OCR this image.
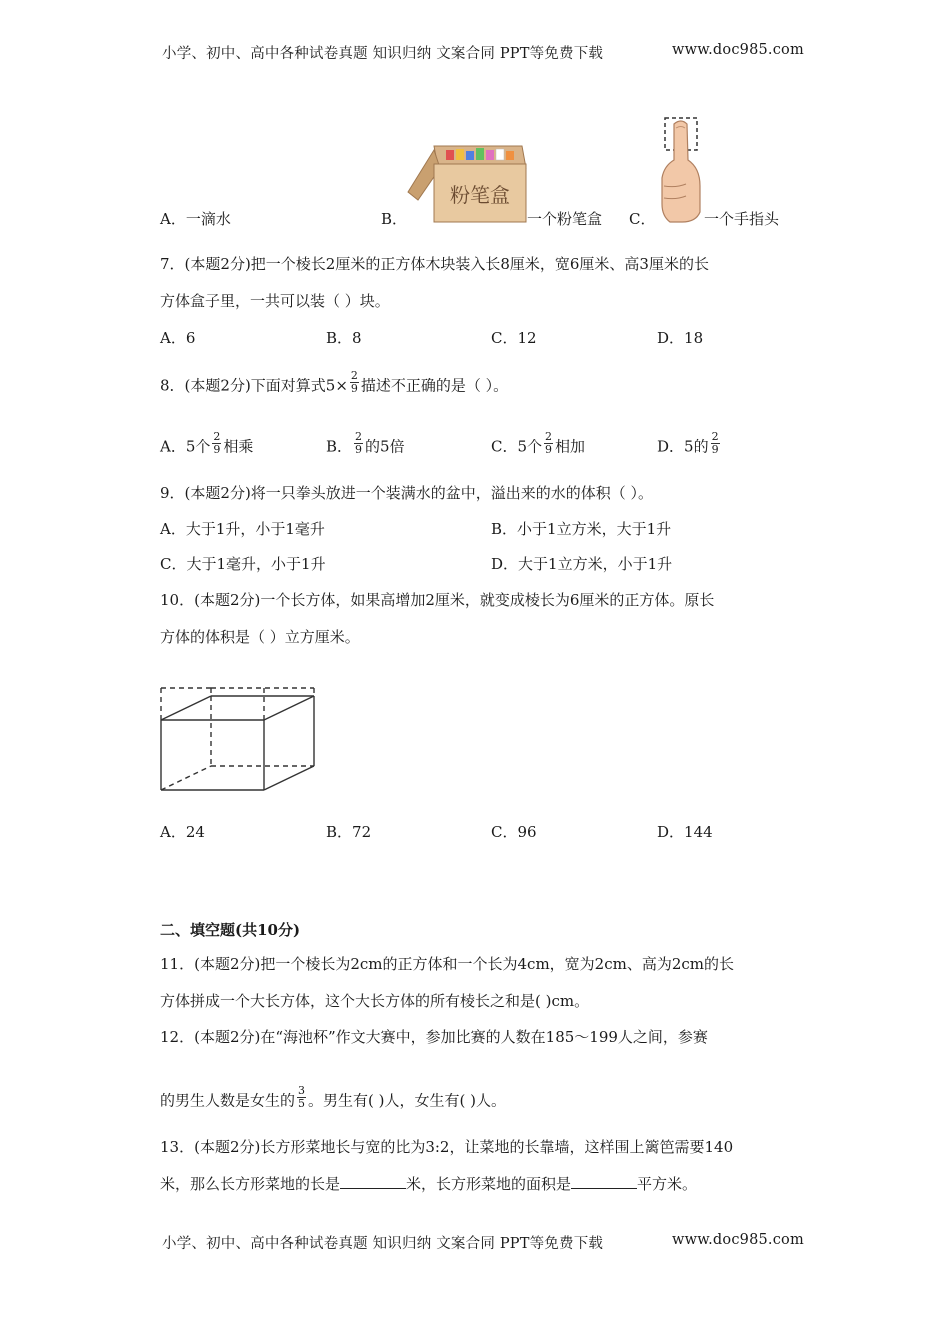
小学、初中、高中各种试卷真题 知识归纳 文案合同 PPT等免费下载	www.doc985.com
A．一滴水	B．
粉笔盒
一个粉笔盒 C．	一个手指头
7．(本题2分)把一个棱长2厘米的正方体木块装入长8厘米，宽6厘米、高3厘米的长
方体盒子里，一共可以装（ ）块。
A．6	B．8	C．12	D．18
8．(本题2分)下面对算式$5\times \frac{2}{9}$ 描述不正确的是（ ）。
A．5个 $\frac{2}{9}$ 相乘	B． $\frac{2}{9}$ 的5倍	C．5个 $\frac{2}{9}$ 相加	D．5的 $\frac{2}{9}$
9．(本题2分)将一只拳头放进一个装满水的盆中，溢出来的水的体积（ ）。
A．大于1升，小于1毫升	B．小于1立方米，大于1升
C．大于1毫升，小于1升	D．大于1立方米，小于1升
10．(本题2分)一个长方体，如果高增加2厘米，就变成棱长为6厘米的正方体。原长
方体的体积是（ ）立方厘米。
A．24	B．72	C．96	D．144
二、填空题(共10分)
11．(本题2分)把一个棱长为2cm的正方体和一个长为4cm，宽为2cm、高为2cm的长
方体拼成一个大长方体，这个大长方体的所有棱长之和是( )cm。
12．(本题2分)在“海池杯”作文大赛中，参加比赛的人数在185～199人之间，参赛
的男生人数是女生的 $\frac{3}{5}$ 。男生有( )人，女生有( )人。
13．(本题2分)长方形菜地长与宽的比为3:2，让菜地的长靠墙，这样围上篱笆需要140
米，那么长方形菜地的长是	米，长方形菜地的面积是	平方米。
小学、初中、高中各种试卷真题 知识归纳 文案合同 PPT等免费下载	www.doc985.com
